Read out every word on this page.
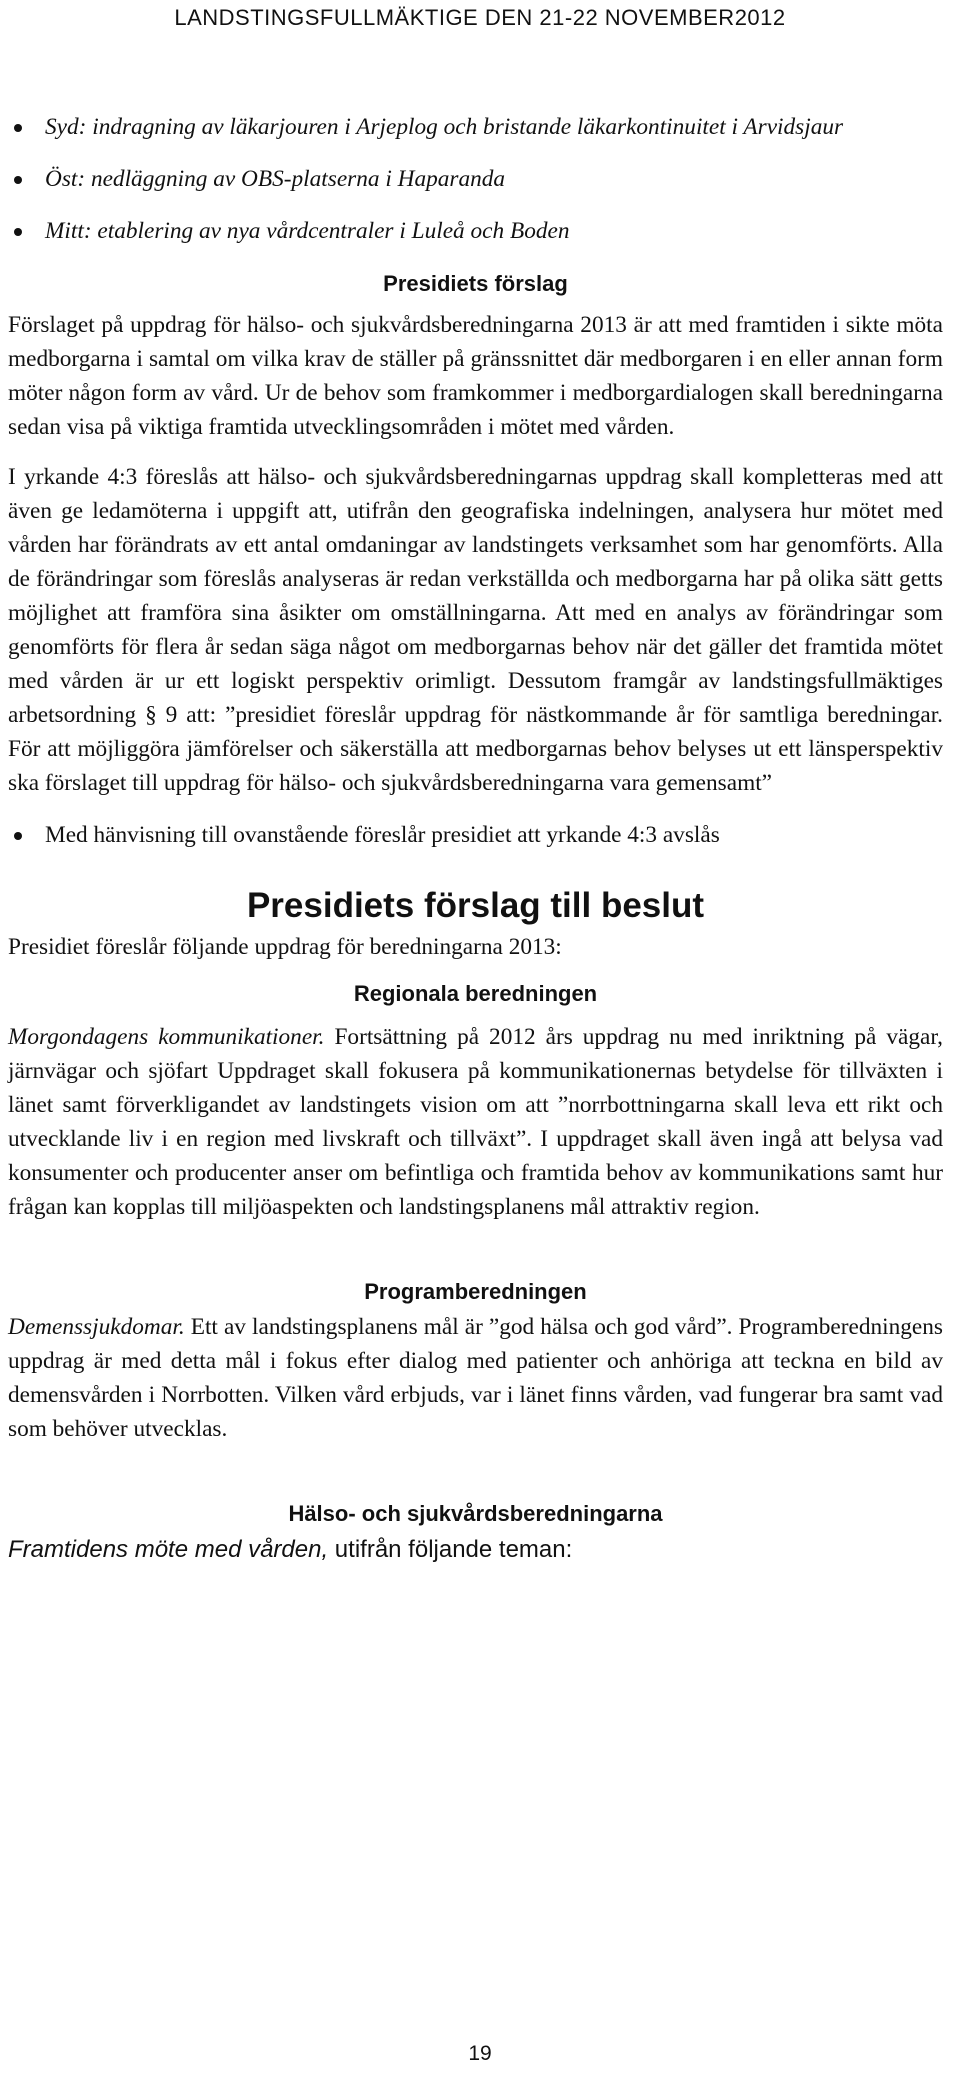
LANDSTINGSFULLMÄKTIGE DEN 21-22 NOVEMBER2012
Syd: indragning av läkarjouren i Arjeplog och bristande läkarkontinuitet i Arvidsjaur
Öst: nedläggning av OBS-platserna i Haparanda
Mitt: etablering av nya vårdcentraler i Luleå och Boden
Presidiets förslag

Förslaget på uppdrag för hälso- och sjukvårdsberedningarna 2013 är att med framtiden i sikte möta medborgarna i samtal om vilka krav de ställer på gränssnittet där medborgaren i en eller annan form möter någon form av vård. Ur de behov som framkommer i medborgardialogen skall beredningarna sedan visa på viktiga framtida utvecklingsområden i mötet med vården.

I yrkande 4:3 föreslås att hälso- och sjukvårdsberedningarnas uppdrag skall kompletteras med att även ge ledamöterna i uppgift att, utifrån den geografiska indelningen, analysera hur mötet med vården har förändrats av ett antal omdaningar av landstingets verksamhet som har genomförts. Alla de förändringar som föreslås analyseras är redan verkställda och medborgarna har på olika sätt getts möjlighet att framföra sina åsikter om omställningarna. Att med en analys av förändringar som genomförts för flera år sedan säga något om medborgarnas behov när det gäller det framtida mötet med vården är ur ett logiskt perspektiv orimligt. Dessutom framgår av landstingsfullmäktiges arbetsordning § 9 att: ”presidiet föreslår uppdrag för nästkommande år för samtliga beredningar. För att möjliggöra jämförelser och säkerställa att medborgarnas behov belyses ut ett länsperspektiv ska förslaget till uppdrag för hälso- och sjukvårdsberedningarna vara gemensamt”

Med hänvisning till ovanstående föreslår presidiet att yrkande 4:3 avslås
Presidiets förslag till beslut

Presidiet föreslår följande uppdrag för beredningarna 2013:

Regionala beredningen

Morgondagens kommunikationer. Fortsättning på 2012 års uppdrag nu med inriktning på vägar, järnvägar och sjöfart Uppdraget skall fokusera på kommunikationernas betydelse för tillväxten i länet samt förverkligandet av landstingets vision om att ”norrbottningarna skall leva ett rikt och utvecklande liv i en region med livskraft och tillväxt”. I uppdraget skall även ingå att belysa vad konsumenter och producenter anser om befintliga och framtida behov av kommunikations samt hur frågan kan kopplas till miljöaspekten och landstingsplanens mål attraktiv region.

Programberedningen

Demenssjukdomar. Ett av landstingsplanens mål är ”god hälsa och god vård”. Programberedningens uppdrag är med detta mål i fokus efter dialog med patienter och anhöriga att teckna en bild av demensvården i Norrbotten. Vilken vård erbjuds, var i länet finns vården, vad fungerar bra samt vad som behöver utvecklas.

Hälso- och sjukvårdsberedningarna

Framtidens möte med vården, utifrån följande teman:

19
